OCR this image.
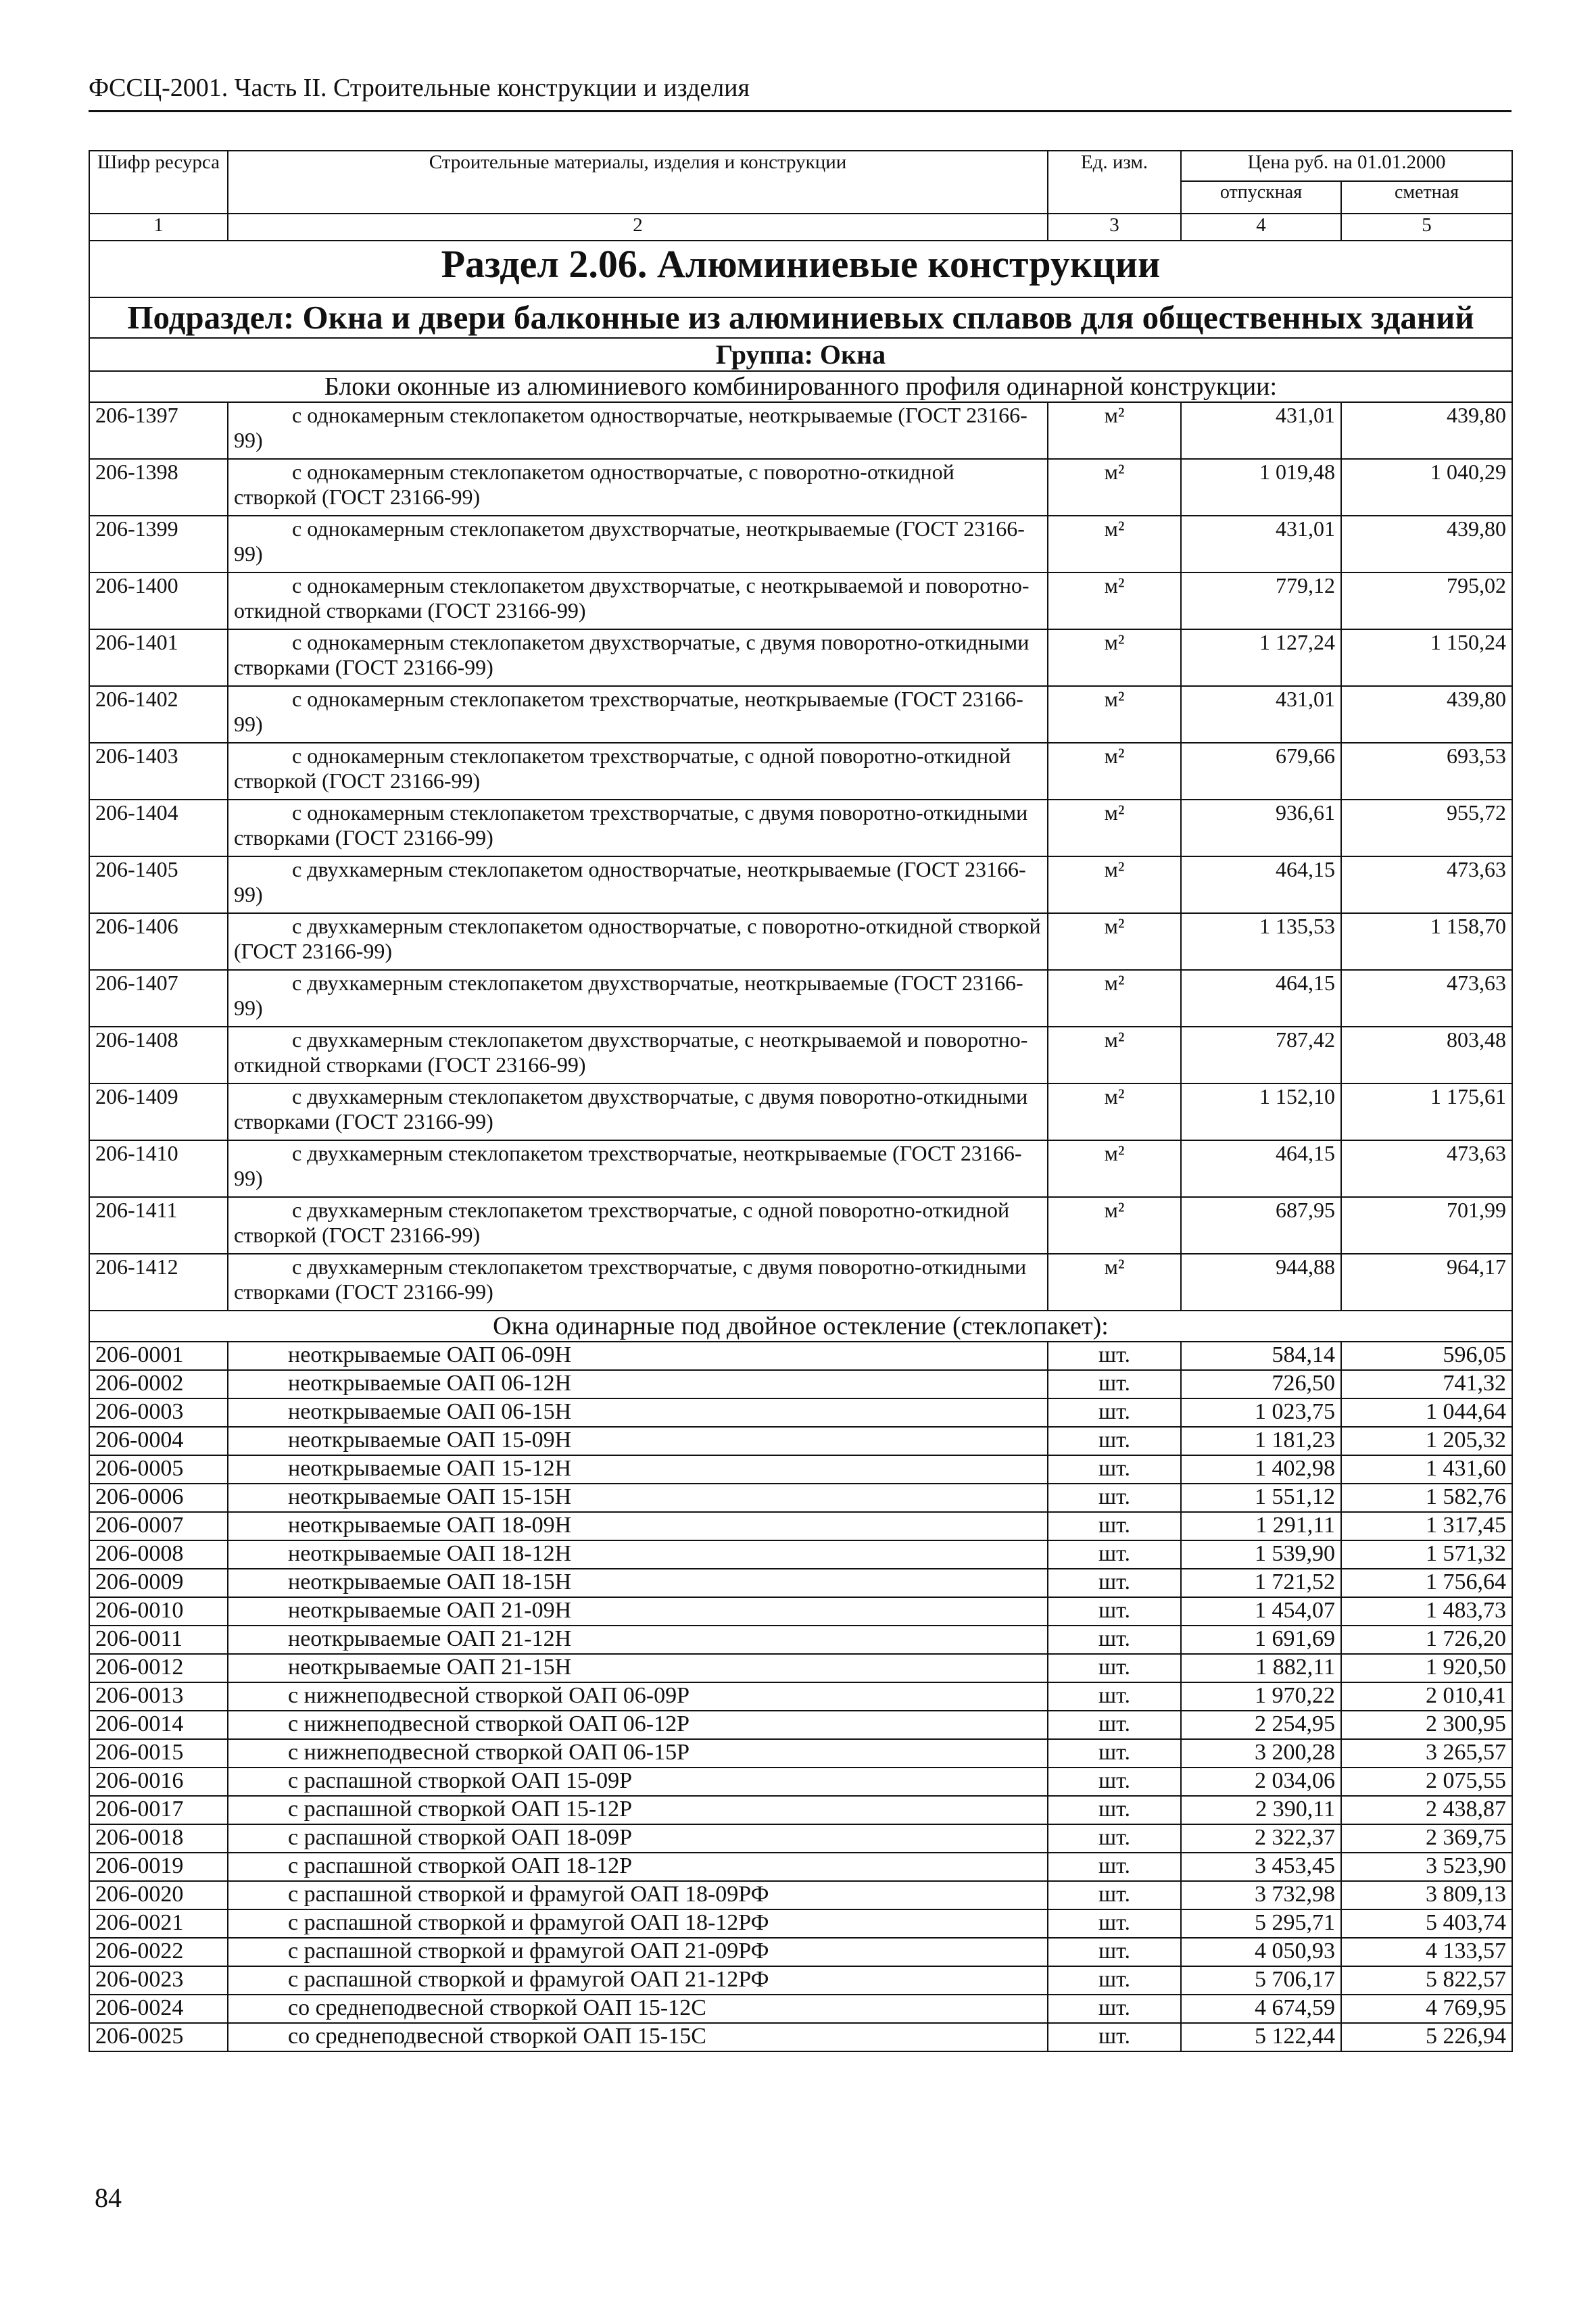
ФССЦ-2001. Часть II. Строительные конструкции и изделия
Шифр ресурса	Строительные материалы, изделия и конструкции	Ед. изм.	Цена руб. на 01.01.2000	
			отпускная	сметная
1	2	3	4	5
Раздел 2.06. Алюминиевые конструкции				
Подраздел: Окна и двери балконные из алюминиевых сплавов для общественных зданий				
Группа: Окна				
Блоки оконные из алюминиевого комбинированного профиля одинарной конструкции:				
206-1397	с однокамерным стеклопакетом одностворчатые, неоткрываемые (ГОСТ 23166-99)	м²	431,01	439,80
206-1398	с однокамерным стеклопакетом одностворчатые, с поворотно-откидной створкой (ГОСТ 23166-99)	м²	1 019,48	1 040,29
206-1399	с однокамерным стеклопакетом двухстворчатые, неоткрываемые (ГОСТ 23166-99)	м²	431,01	439,80
206-1400	с однокамерным стеклопакетом двухстворчатые, с неоткрываемой и поворотно-откидной створками (ГОСТ 23166-99)	м²	779,12	795,02
206-1401	с однокамерным стеклопакетом двухстворчатые, с двумя поворотно-откидными створками (ГОСТ 23166-99)	м²	1 127,24	1 150,24
206-1402	с однокамерным стеклопакетом трехстворчатые, неоткрываемые (ГОСТ 23166-99)	м²	431,01	439,80
206-1403	с однокамерным стеклопакетом трехстворчатые, с одной поворотно-откидной створкой (ГОСТ 23166-99)	м²	679,66	693,53
206-1404	с однокамерным стеклопакетом трехстворчатые, с двумя поворотно-откидными створками (ГОСТ 23166-99)	м²	936,61	955,72
206-1405	с двухкамерным стеклопакетом одностворчатые, неоткрываемые (ГОСТ 23166-99)	м²	464,15	473,63
206-1406	с двухкамерным стеклопакетом одностворчатые, с поворотно-откидной створкой (ГОСТ 23166-99)	м²	1 135,53	1 158,70
206-1407	с двухкамерным стеклопакетом двухстворчатые, неоткрываемые (ГОСТ 23166-99)	м²	464,15	473,63
206-1408	с двухкамерным стеклопакетом двухстворчатые, с неоткрываемой и поворотно-откидной створками (ГОСТ 23166-99)	м²	787,42	803,48
206-1409	с двухкамерным стеклопакетом двухстворчатые, с двумя поворотно-откидными створками (ГОСТ 23166-99)	м²	1 152,10	1 175,61
206-1410	с двухкамерным стеклопакетом трехстворчатые, неоткрываемые (ГОСТ 23166-99)	м²	464,15	473,63
206-1411	с двухкамерным стеклопакетом трехстворчатые, с одной поворотно-откидной створкой (ГОСТ 23166-99)	м²	687,95	701,99
206-1412	с двухкамерным стеклопакетом трехстворчатые, с двумя поворотно-откидными створками (ГОСТ 23166-99)	м²	944,88	964,17
Окна одинарные под двойное остекление (стеклопакет):				
206-0001	неоткрываемые ОАП 06-09Н	шт.	584,14	596,05
206-0002	неоткрываемые ОАП 06-12Н	шт.	726,50	741,32
206-0003	неоткрываемые ОАП 06-15Н	шт.	1 023,75	1 044,64
206-0004	неоткрываемые ОАП 15-09Н	шт.	1 181,23	1 205,32
206-0005	неоткрываемые ОАП 15-12Н	шт.	1 402,98	1 431,60
206-0006	неоткрываемые ОАП 15-15Н	шт.	1 551,12	1 582,76
206-0007	неоткрываемые ОАП 18-09Н	шт.	1 291,11	1 317,45
206-0008	неоткрываемые ОАП 18-12Н	шт.	1 539,90	1 571,32
206-0009	неоткрываемые ОАП 18-15Н	шт.	1 721,52	1 756,64
206-0010	неоткрываемые ОАП 21-09Н	шт.	1 454,07	1 483,73
206-0011	неоткрываемые ОАП 21-12Н	шт.	1 691,69	1 726,20
206-0012	неоткрываемые ОАП 21-15Н	шт.	1 882,11	1 920,50
206-0013	с нижнеподвесной створкой ОАП 06-09Р	шт.	1 970,22	2 010,41
206-0014	с нижнеподвесной створкой ОАП 06-12Р	шт.	2 254,95	2 300,95
206-0015	с нижнеподвесной створкой ОАП 06-15Р	шт.	3 200,28	3 265,57
206-0016	с распашной створкой ОАП 15-09Р	шт.	2 034,06	2 075,55
206-0017	с распашной створкой ОАП 15-12Р	шт.	2 390,11	2 438,87
206-0018	с распашной створкой ОАП 18-09Р	шт.	2 322,37	2 369,75
206-0019	с распашной створкой ОАП 18-12Р	шт.	3 453,45	3 523,90
206-0020	с распашной створкой и фрамугой ОАП 18-09РФ	шт.	3 732,98	3 809,13
206-0021	с распашной створкой и фрамугой ОАП 18-12РФ	шт.	5 295,71	5 403,74
206-0022	с распашной створкой и фрамугой ОАП 21-09РФ	шт.	4 050,93	4 133,57
206-0023	с распашной створкой и фрамугой ОАП 21-12РФ	шт.	5 706,17	5 822,57
206-0024	со среднеподвесной створкой ОАП 15-12С	шт.	4 674,59	4 769,95
206-0025	со среднеподвесной створкой ОАП 15-15С	шт.	5 122,44	5 226,94
84
